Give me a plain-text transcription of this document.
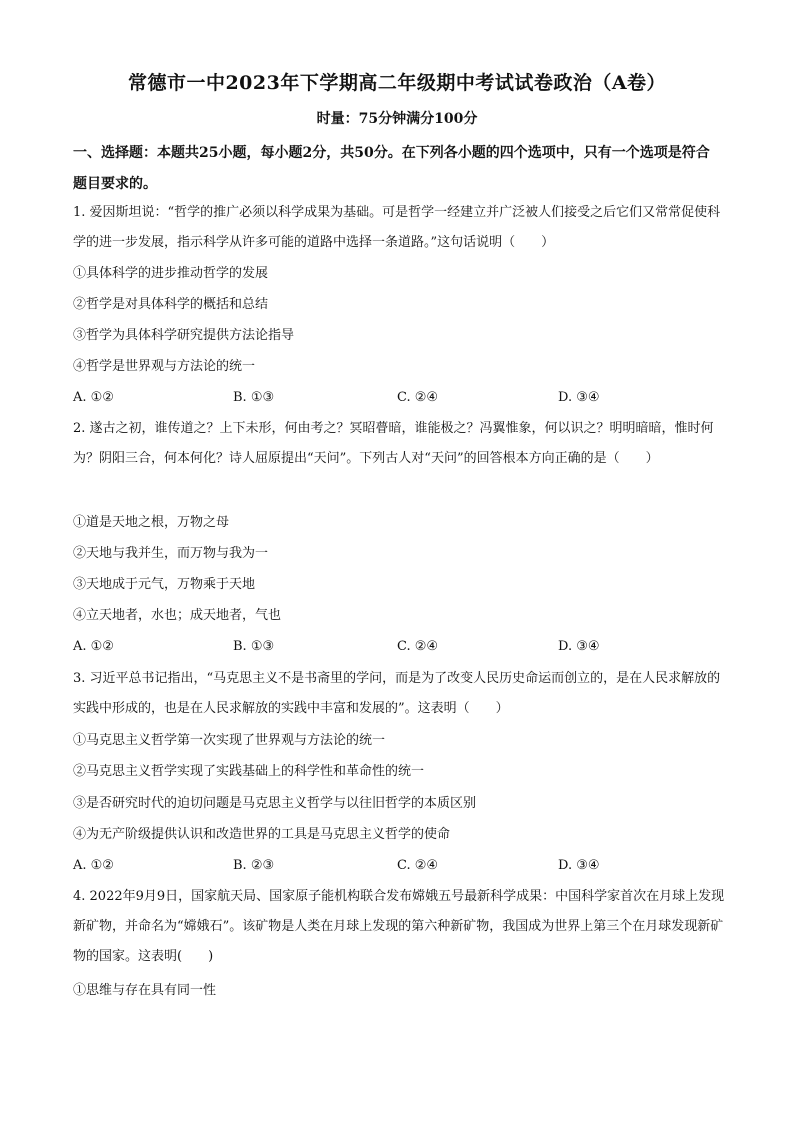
常德市一中2023年下学期高二年级期中考试试卷政治（A卷）
时量：75分钟满分100分
一、选择题：本题共25小题，每小题2分，共50分。在下列各小题的四个选项中，只有一个选项是符合题目要求的。
1. 爱因斯坦说：“哲学的推广必须以科学成果为基础。可是哲学一经建立并广泛被人们接受之后它们又常常促使科学的进一步发展，指示科学从许多可能的道路中选择一条道路。”这句话说明（　　）
①具体科学的进步推动哲学的发展
②哲学是对具体科学的概括和总结
③哲学为具体科学研究提供方法论指导
④哲学是世界观与方法论的统一
A. ①②	B. ①③	C. ②④	D. ③④
2. 遂古之初，谁传道之？上下未形，何由考之？冥昭瞢暗，谁能极之？冯翼惟象，何以识之？明明暗暗，惟时何为？阴阳三合，何本何化？诗人屈原提出“天问”。下列古人对“天问”的回答根本方向正确的是（　　）
①道是天地之根，万物之母
②天地与我并生，而万物与我为一
③天地成于元气，万物乘于天地
④立天地者，水也；成天地者，气也
A. ①②	B. ①③	C. ②④	D. ③④
3. 习近平总书记指出，“马克思主义不是书斋里的学问，而是为了改变人民历史命运而创立的，是在人民求解放的实践中形成的，也是在人民求解放的实践中丰富和发展的”。这表明（　　）
①马克思主义哲学第一次实现了世界观与方法论的统一
②马克思主义哲学实现了实践基础上的科学性和革命性的统一
③是否研究时代的迫切问题是马克思主义哲学与以往旧哲学的本质区别
④为无产阶级提供认识和改造世界的工具是马克思主义哲学的使命
A. ①②	B. ②③	C. ②④	D. ③④
4. 2022年9月9日，国家航天局、国家原子能机构联合发布嫦娥五号最新科学成果：中国科学家首次在月球上发现新矿物，并命名为“嫦娥石”。该矿物是人类在月球上发现的第六种新矿物，我国成为世界上第三个在月球发现新矿物的国家。这表明(　　)
①思维与存在具有同一性
